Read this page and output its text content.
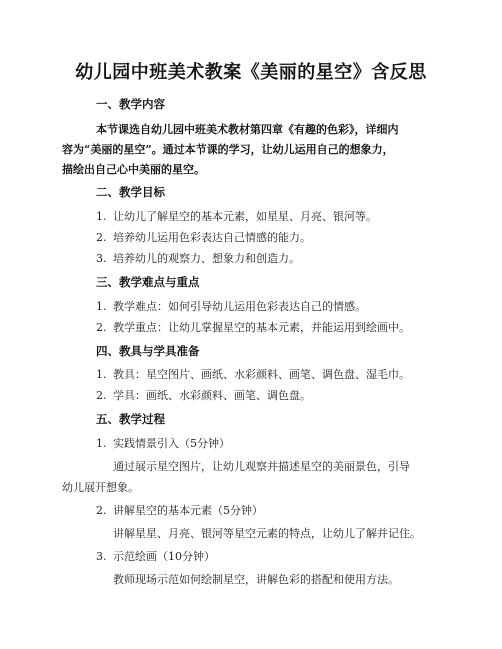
幼儿园中班美术教案《美丽的星空》含反思
一、教学内容
本节课选自幼儿园中班美术教材第四章《有趣的色彩》，详细内
容为“美丽的星空”。通过本节课的学习，让幼儿运用自己的想象力，
描绘出自己心中美丽的星空。
二、教学目标
1. 让幼儿了解星空的基本元素，如星星、月亮、银河等。
2. 培养幼儿运用色彩表达自己情感的能力。
3. 培养幼儿的观察力、想象力和创造力。
三、教学难点与重点
1. 教学难点：如何引导幼儿运用色彩表达自己的情感。
2. 教学重点：让幼儿掌握星空的基本元素，并能运用到绘画中。
四、教具与学具准备
1. 教具：星空图片、画纸、水彩颜料、画笔、调色盘、湿毛巾。
2. 学具：画纸、水彩颜料、画笔、调色盘。
五、教学过程
1. 实践情景引入（5分钟）
通过展示星空图片，让幼儿观察并描述星空的美丽景色，引导
幼儿展开想象。
2. 讲解星空的基本元素（5分钟）
讲解星星、月亮、银河等星空元素的特点，让幼儿了解并记住。
3. 示范绘画（10分钟）
教师现场示范如何绘制星空，讲解色彩的搭配和使用方法。
